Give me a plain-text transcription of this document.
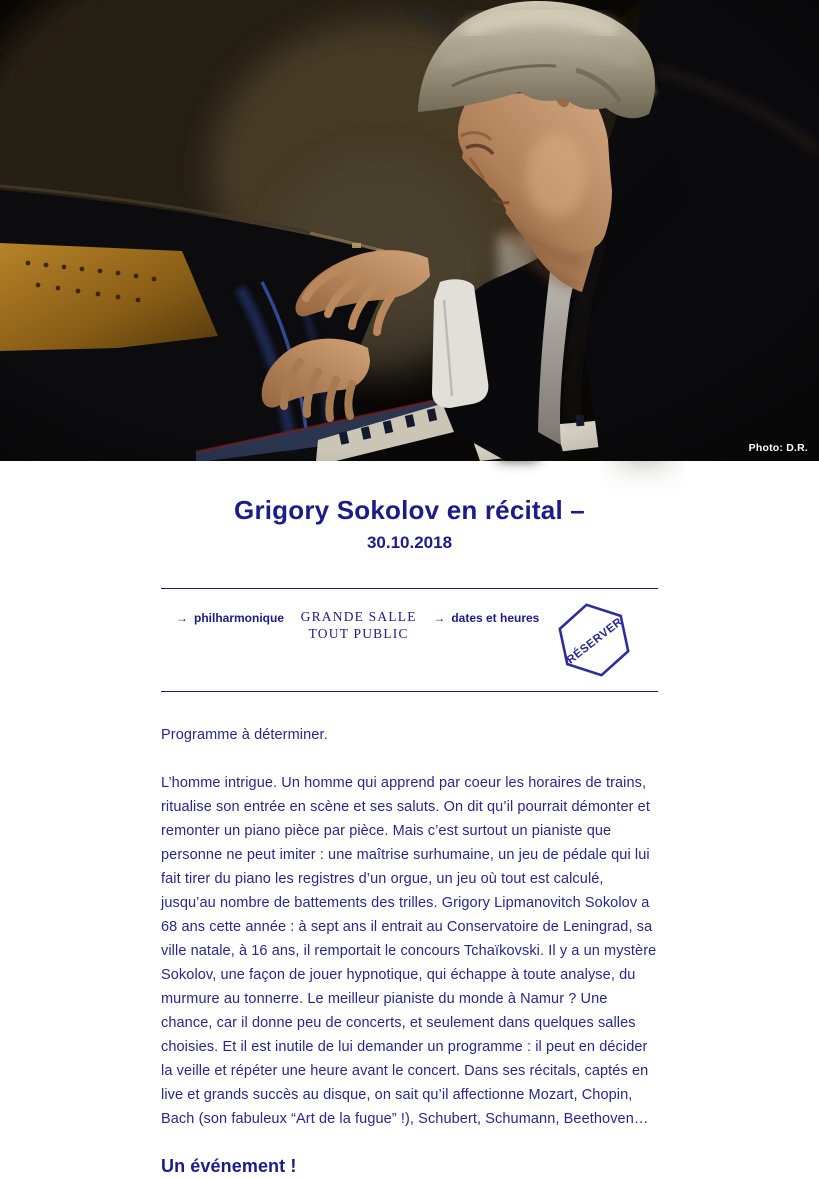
Photo: D.R.
Grigory Sokolov en récital –
30.10.2018
→ philharmonique GRANDE SALLE
TOUT PUBLIC
→ dates et heures RÉSERVER

Programme à déterminer.

L’homme intrigue. Un homme qui apprend par coeur les horaires de trains, ritualise son entrée en scène et ses saluts. On dit qu’il pourrait démonter et remonter un piano pièce par pièce. Mais c’est surtout un pianiste que personne ne peut imiter : une maîtrise surhumaine, un jeu de pédale qui lui fait tirer du piano les registres d’un orgue, un jeu où tout est calculé, jusqu’au nombre de battements des trilles. Grigory Lipmanovitch Sokolov a 68 ans cette année : à sept ans il entrait au Conservatoire de Leningrad, sa ville natale, à 16 ans, il remportait le concours Tchaïkovski. Il y a un mystère Sokolov, une façon de jouer hypnotique, qui échappe à toute analyse, du murmure au tonnerre. Le meilleur pianiste du monde à Namur ? Une chance, car il donne peu de concerts, et seulement dans quelques salles choisies. Et il est inutile de lui demander un programme : il peut en décider la veille et répéter une heure avant le concert. Dans ses récitals, captés en live et grands succès au disque, on sait qu’il affectionne Mozart, Chopin, Bach (son fabuleux “Art de la fugue” !), Schubert, Schumann, Beethoven…

Un événement !
